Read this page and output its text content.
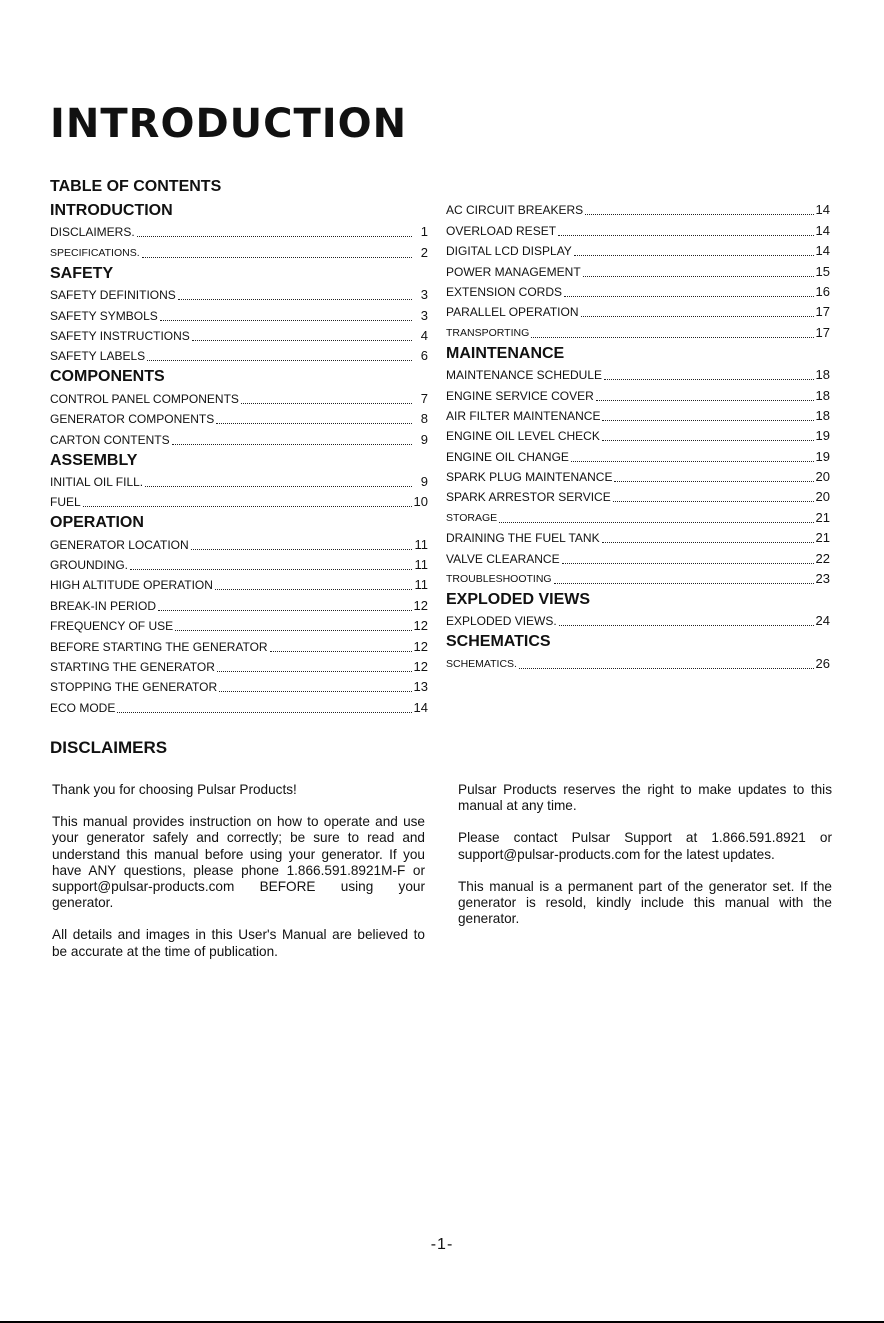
INTRODUCTION
TABLE OF CONTENTS
INTRODUCTION
DISCLAIMERS.	1
SPECIFICATIONS.	2
SAFETY
SAFETY DEFINITIONS	3
SAFETY SYMBOLS	3
SAFETY INSTRUCTIONS	4
SAFETY LABELS	6
COMPONENTS
CONTROL PANEL COMPONENTS	7
GENERATOR COMPONENTS	8
CARTON CONTENTS	9
ASSEMBLY
INITIAL OIL FILL.	9
FUEL	10
OPERATION
GENERATOR LOCATION	11
GROUNDING.	11
HIGH ALTITUDE OPERATION	11
BREAK-IN PERIOD	12
FREQUENCY OF USE	12
BEFORE STARTING THE GENERATOR	12
STARTING THE GENERATOR	12
STOPPING THE GENERATOR	13
ECO MODE	14
AC CIRCUIT BREAKERS	14
OVERLOAD RESET	14
DIGITAL LCD DISPLAY	14
POWER MANAGEMENT	15
EXTENSION CORDS	16
PARALLEL OPERATION	17
TRANSPORTING	17
MAINTENANCE
MAINTENANCE SCHEDULE	18
ENGINE SERVICE COVER	18
AIR FILTER MAINTENANCE	18
ENGINE OIL LEVEL CHECK	19
ENGINE OIL CHANGE	19
SPARK PLUG MAINTENANCE	20
SPARK ARRESTOR SERVICE	20
STORAGE	21
DRAINING THE FUEL TANK	21
VALVE CLEARANCE	22
TROUBLESHOOTING	23
EXPLODED VIEWS
EXPLODED VIEWS.	24
SCHEMATICS
SCHEMATICS.	26
DISCLAIMERS

Thank you for choosing Pulsar Products!

This manual provides instruction on how to operate and use your generator safely and correctly; be sure to read and understand this manual before using your generator. If you have ANY questions, please phone 1.866.591.8921M-F or support@pulsar-products.com BEFORE using your generator.

All details and images in this User's Manual are believed to be accurate at the time of publication.

Pulsar Products reserves the right to make updates to this manual at any time.

Please contact Pulsar Support at 1.866.591.8921 or support@pulsar-products.com for the latest updates.

This manual is a permanent part of the generator set. If the generator is resold, kindly include this manual with the generator.

-1-
